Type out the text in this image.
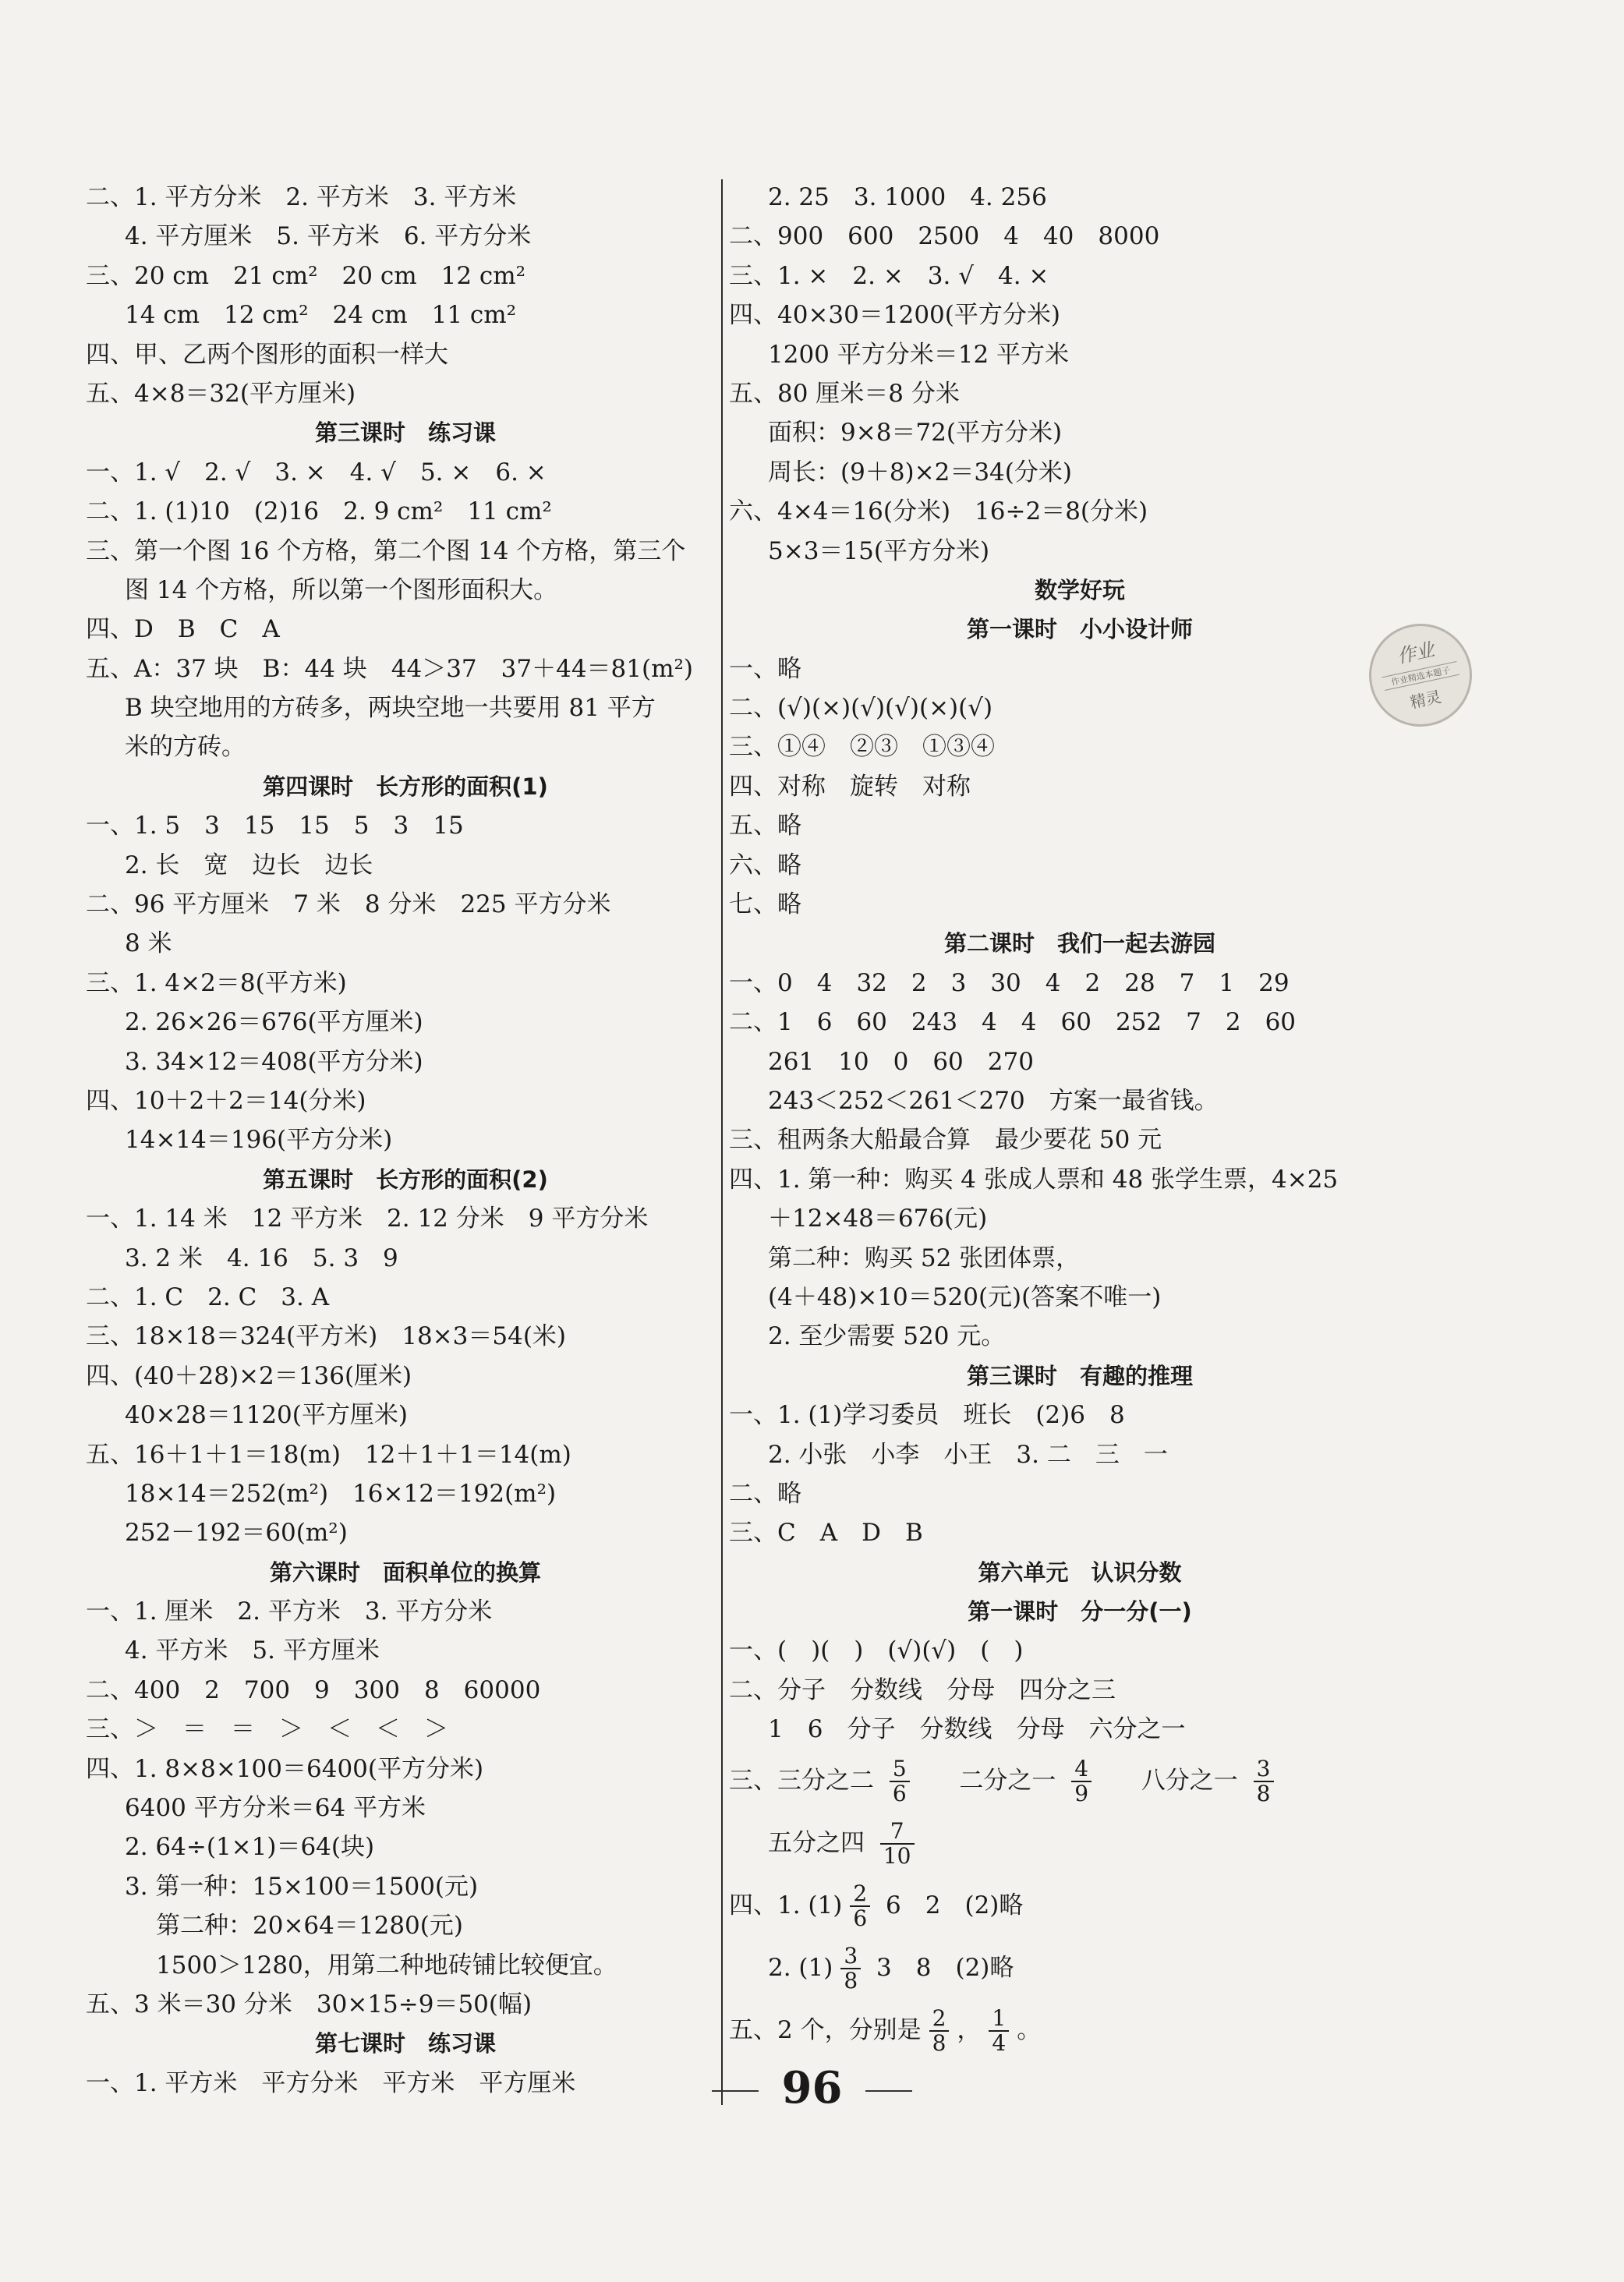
二、1. 平方分米　2. 平方米　3. 平方米
4. 平方厘米　5. 平方米　6. 平方分米
三、20 cm　21 cm²　20 cm　12 cm²
14 cm　12 cm²　24 cm　11 cm²
四、甲、乙两个图形的面积一样大
五、4×8＝32(平方厘米)
第三课时　练习课
一、1. √　2. √　3. ×　4. √　5. ×　6. ×
二、1. (1)10　(2)16　2. 9 cm²　11 cm²
三、第一个图 16 个方格，第二个图 14 个方格，第三个
图 14 个方格，所以第一个图形面积大。
四、D　B　C　A
五、A：37 块　B：44 块　44＞37　37＋44＝81(m²)
B 块空地用的方砖多，两块空地一共要用 81 平方
米的方砖。
第四课时　长方形的面积(1)
一、1. 5　3　15　15　5　3　15
2. 长　宽　边长　边长
二、96 平方厘米　7 米　8 分米　225 平方分米
8 米
三、1. 4×2＝8(平方米)
2. 26×26＝676(平方厘米)
3. 34×12＝408(平方分米)
四、10＋2＋2＝14(分米)
14×14＝196(平方分米)
第五课时　长方形的面积(2)
一、1. 14 米　12 平方米　2. 12 分米　9 平方分米
3. 2 米　4. 16　5. 3　9
二、1. C　2. C　3. A
三、18×18＝324(平方米)　18×3＝54(米)
四、(40＋28)×2＝136(厘米)
40×28＝1120(平方厘米)
五、16＋1＋1＝18(m)　12＋1＋1＝14(m)
18×14＝252(m²)　16×12＝192(m²)
252－192＝60(m²)
第六课时　面积单位的换算
一、1. 厘米　2. 平方米　3. 平方分米
4. 平方米　5. 平方厘米
二、400　2　700　9　300　8　60000
三、＞　＝　＝　＞　＜　＜　＞
四、1. 8×8×100＝6400(平方分米)
6400 平方分米＝64 平方米
2. 64÷(1×1)＝64(块)
3. 第一种：15×100＝1500(元)
第二种：20×64＝1280(元)
1500＞1280，用第二种地砖铺比较便宜。
五、3 米＝30 分米　30×15÷9＝50(幅)
第七课时　练习课
一、1. 平方米　平方分米　平方米　平方厘米
2. 25　3. 1000　4. 256
二、900　600　2500　4　40　8000
三、1. ×　2. ×　3. √　4. ×
四、40×30＝1200(平方分米)
1200 平方分米＝12 平方米
五、80 厘米＝8 分米
面积：9×8＝72(平方分米)
周长：(9＋8)×2＝34(分米)
六、4×4＝16(分米)　16÷2＝8(分米)
5×3＝15(平方分米)
数学好玩
第一课时　小小设计师
一、略
二、(√)(×)(√)(√)(×)(√)
三、①④　②③　①③④
四、对称　旋转　对称
五、略
六、略
七、略
第二课时　我们一起去游园
一、0　4　32　2　3　30　4　2　28　7　1　29
二、1　6　60　243　4　4　60　252　7　2　60
261　10　0　60　270
243＜252＜261＜270　方案一最省钱。
三、租两条大船最合算　最少要花 50 元
四、1. 第一种：购买 4 张成人票和 48 张学生票，4×25
＋12×48＝676(元)
第二种：购买 52 张团体票，
(4＋48)×10＝520(元)(答案不唯一)
2. 至少需要 520 元。
第三课时　有趣的推理
一、1. (1)学习委员　班长　(2)6　8
2. 小张　小李　小王　3. 二　三　一
二、略
三、C　A　D　B
第六单元　认识分数
第一课时　分一分(一)
一、(　)(　)　(√)(√)　(　)
二、分子　分数线　分母　四分之三
1　6　分子　分数线　分母　六分之一
三、三分之二 $\frac{5}{6}$ 二分之一 $\frac{4}{9}$ 八分之一 $\frac{3}{8}$
五分之四 $\frac{7}{10}$
四、1. $(1) \frac{2}{6} 6$　2　(2)略
2. $(1) \frac{3}{8} 3$　8　(2)略
五、2 个，分别是 $\frac{2}{8}$ ， $\frac{1}{4}$ 。
作业
作业精选本题子
精灵
96
